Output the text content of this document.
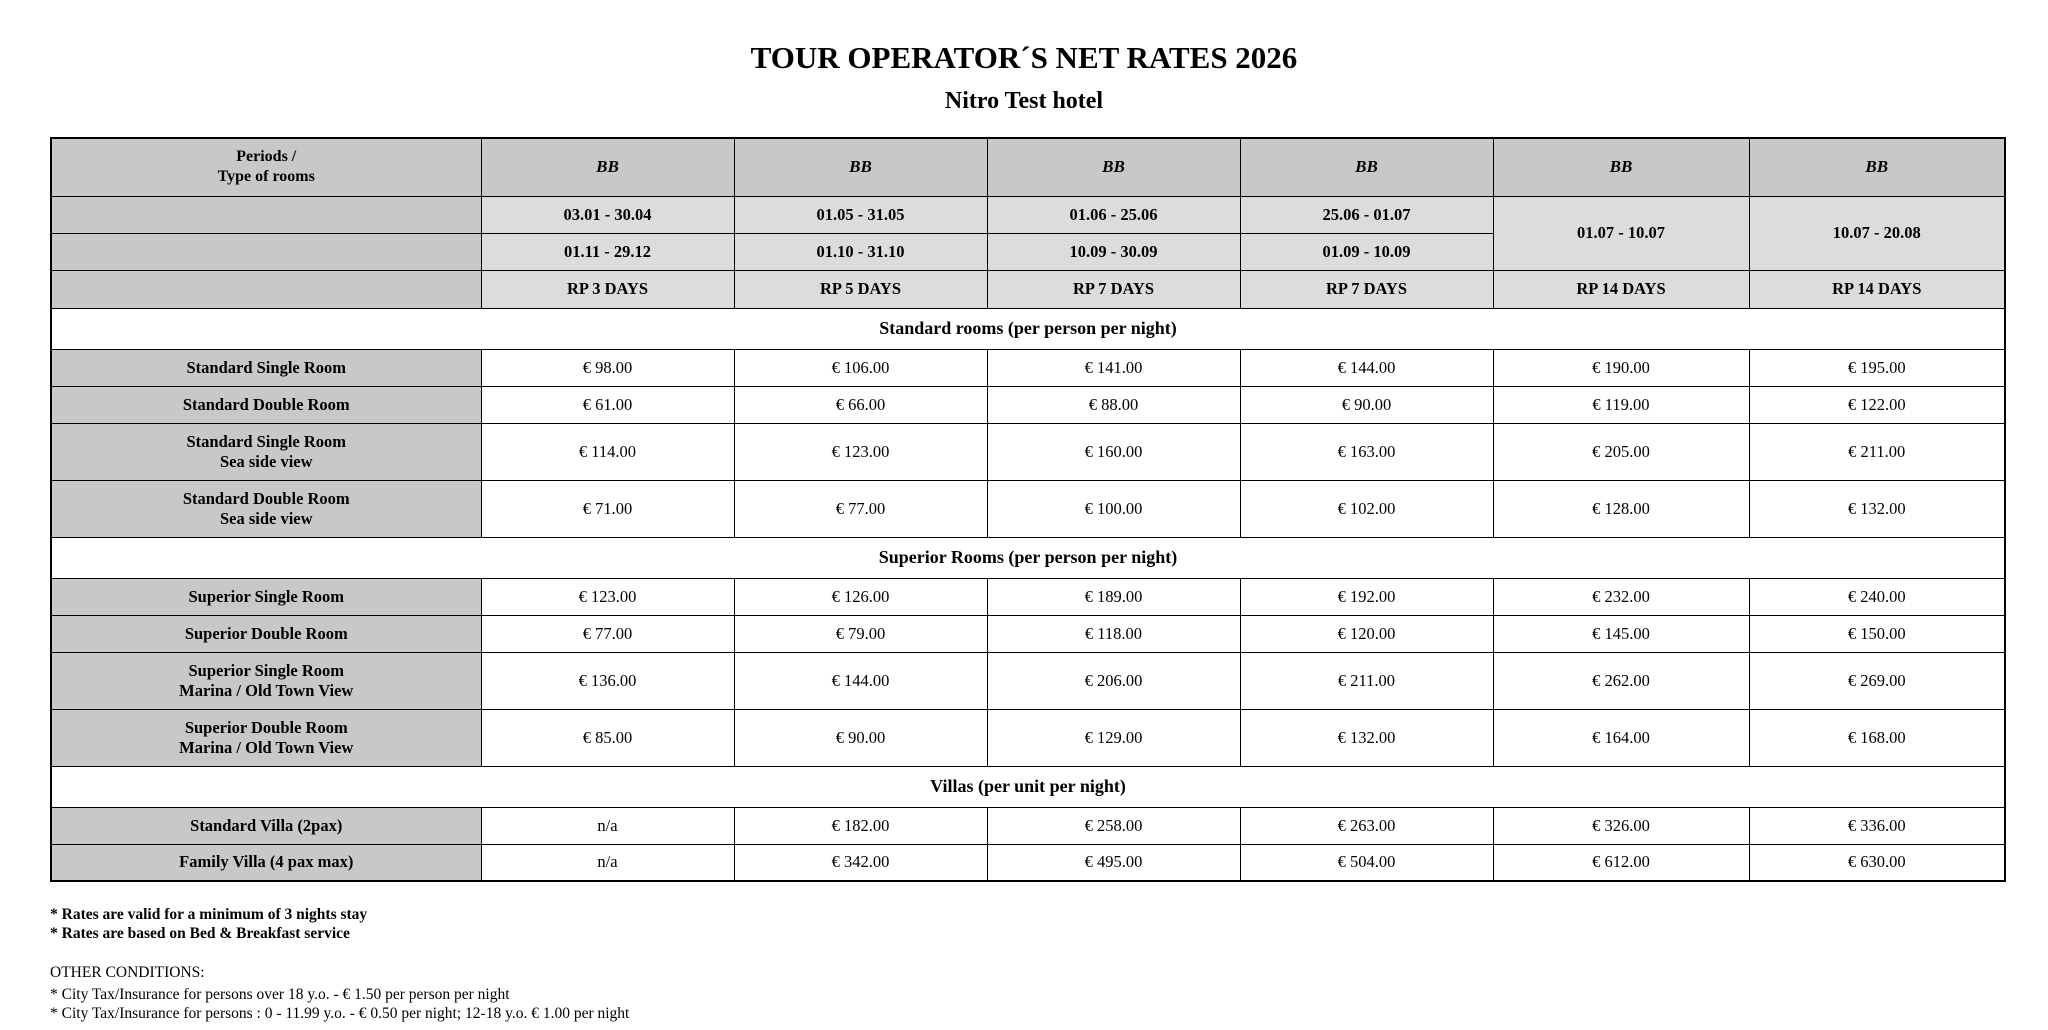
TOUR OPERATOR´S NET RATES 2026
Nitro Test hotel
Periods /
Type of rooms	BB	BB	BB	BB	BB	BB
	03.01 - 30.04	01.05 - 31.05	01.06 - 25.06	25.06 - 01.07	01.07 - 10.07	10.07 - 20.08
	01.11 - 29.12	01.10 - 31.10	10.09 - 30.09	01.09 - 10.09		
	RP 3 DAYS	RP 5 DAYS	RP 7 DAYS	RP 7 DAYS	RP 14 DAYS	RP 14 DAYS
Standard rooms (per person per night)						

Standard Single Room	€ 98.00	€ 106.00	€ 141.00	€ 144.00	€ 190.00	€ 195.00

Standard Double Room	€ 61.00	€ 66.00	€ 88.00	€ 90.00	€ 119.00	€ 122.00

Standard Single Room
Sea side view	€ 114.00	€ 123.00	€ 160.00	€ 163.00	€ 205.00	€ 211.00

Standard Double Room
Sea side view	€ 71.00	€ 77.00	€ 100.00	€ 102.00	€ 128.00	€ 132.00
Superior Rooms (per person per night)						

Superior Single Room	€ 123.00	€ 126.00	€ 189.00	€ 192.00	€ 232.00	€ 240.00

Superior Double Room	€ 77.00	€ 79.00	€ 118.00	€ 120.00	€ 145.00	€ 150.00

Superior Single Room
Marina / Old Town View	€ 136.00	€ 144.00	€ 206.00	€ 211.00	€ 262.00	€ 269.00

Superior Double Room
Marina / Old Town View	€ 85.00	€ 90.00	€ 129.00	€ 132.00	€ 164.00	€ 168.00
Villas (per unit per night)						

Standard Villa (2pax)	n/a	€ 182.00	€ 258.00	€ 263.00	€ 326.00	€ 336.00

Family Villa (4 pax max)	n/a	€ 342.00	€ 495.00	€ 504.00	€ 612.00	€ 630.00
* Rates are valid for a minimum of 3 nights stay
* Rates are based on Bed & Breakfast service
OTHER CONDITIONS:
* City Tax/Insurance for persons over 18 y.o. - € 1.50 per person per night
* City Tax/Insurance for persons : 0 - 11.99 y.o. - € 0.50 per night; 12-18 y.o. € 1.00 per night
